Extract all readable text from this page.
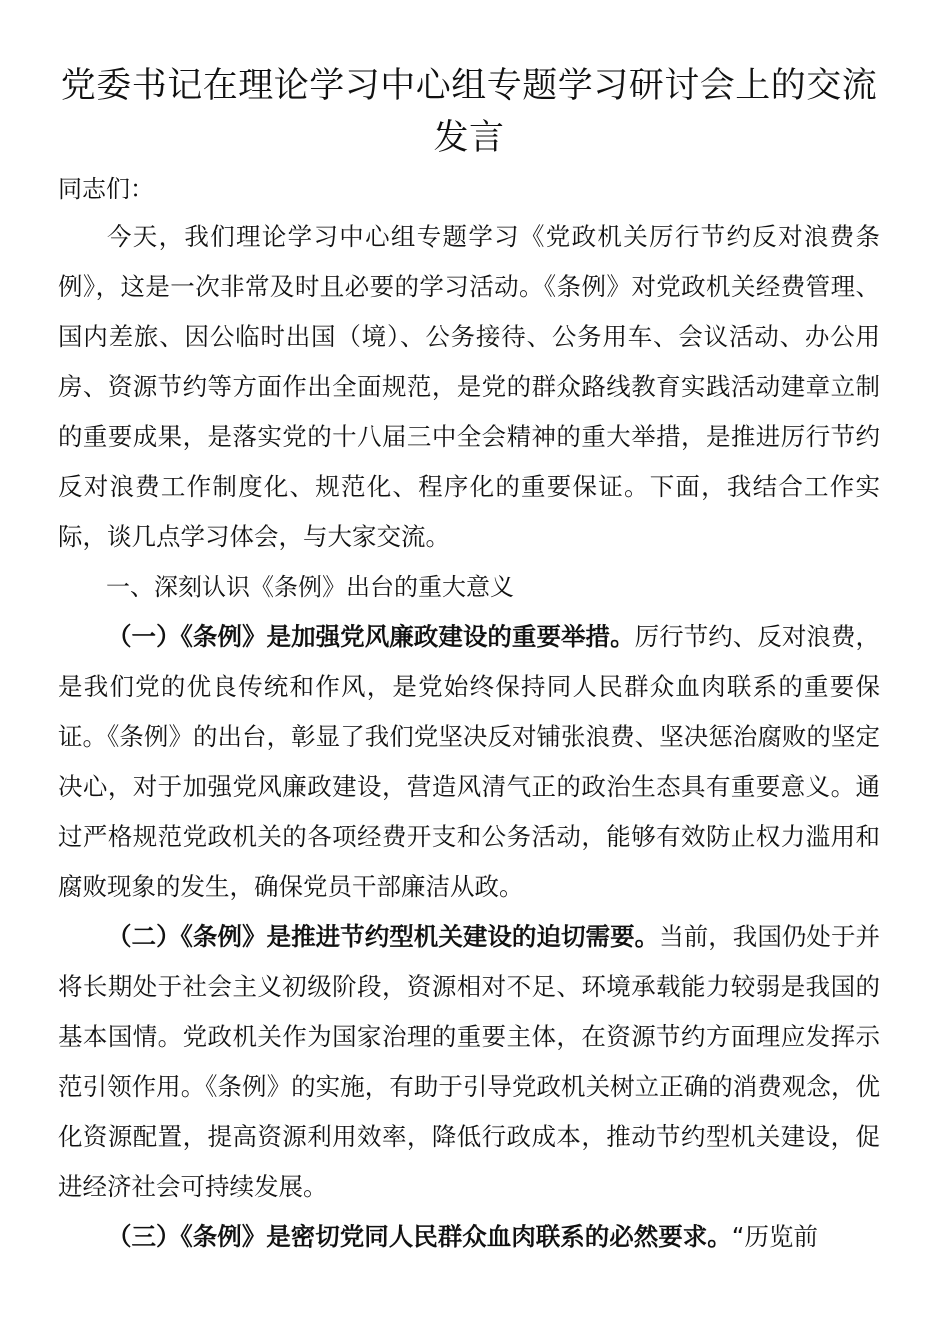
党委书记在理论学习中心组专题学习研讨会上的交流发言

同志们：

今天，我们理论学习中心组专题学习《党政机关厉行节约反对浪费条例》，这是一次非常及时且必要的学习活动。《条例》对党政机关经费管理、国内差旅、因公临时出国（境）、公务接待、公务用车、会议活动、办公用房、资源节约等方面作出全面规范，是党的群众路线教育实践活动建章立制的重要成果，是落实党的十八届三中全会精神的重大举措，是推进厉行节约反对浪费工作制度化、规范化、程序化的重要保证。下面，我结合工作实际，谈几点学习体会，与大家交流。

一、深刻认识《条例》出台的重大意义

（一）《条例》是加强党风廉政建设的重要举措。厉行节约、反对浪费，是我们党的优良传统和作风，是党始终保持同人民群众血肉联系的重要保证。《条例》的出台，彰显了我们党坚决反对铺张浪费、坚决惩治腐败的坚定决心，对于加强党风廉政建设，营造风清气正的政治生态具有重要意义。通过严格规范党政机关的各项经费开支和公务活动，能够有效防止权力滥用和腐败现象的发生，确保党员干部廉洁从政。

（二）《条例》是推进节约型机关建设的迫切需要。当前，我国仍处于并将长期处于社会主义初级阶段，资源相对不足、环境承载能力较弱是我国的基本国情。党政机关作为国家治理的重要主体，在资源节约方面理应发挥示范引领作用。《条例》的实施，有助于引导党政机关树立正确的消费观念，优化资源配置，提高资源利用效率，降低行政成本，推动节约型机关建设，促进经济社会可持续发展。

（三）《条例》是密切党同人民群众血肉联系的必然要求。“历览前
